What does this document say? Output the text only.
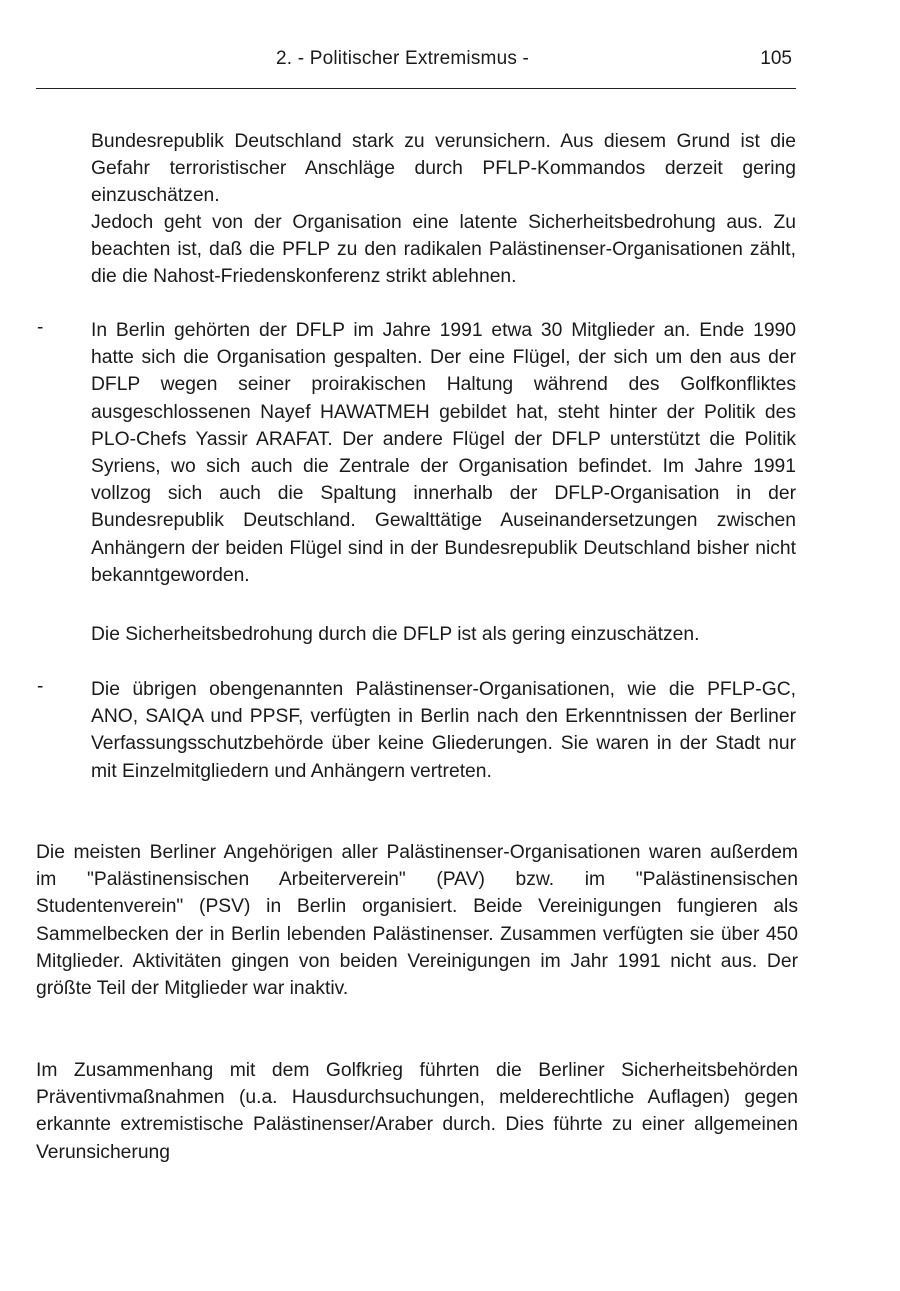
2. - Politischer Extremismus -	105

Bundesrepublik Deutschland stark zu verunsichern. Aus diesem Grund ist die Gefahr terroristischer Anschläge durch PFLP-Kommandos derzeit gering einzuschätzen.

Jedoch geht von der Organisation eine latente Sicherheitsbedrohung aus. Zu beachten ist, daß die PFLP zu den radikalen Palästinenser-Organisationen zählt, die die Nahost-Friedenskonferenz strikt ablehnen.

- In Berlin gehörten der DFLP im Jahre 1991 etwa 30 Mitglieder an. Ende 1990 hatte sich die Organisation gespalten. Der eine Flügel, der sich um den aus der DFLP wegen seiner proirakischen Haltung während des Golfkonfliktes ausgeschlossenen Nayef HAWATMEH gebildet hat, steht hinter der Politik des PLO-Chefs Yassir ARAFAT. Der andere Flügel der DFLP unterstützt die Politik Syriens, wo sich auch die Zentrale der Organisation befindet. Im Jahre 1991 vollzog sich auch die Spaltung innerhalb der DFLP-Organisation in der Bundesrepublik Deutschland. Gewalttätige Auseinandersetzungen zwischen Anhängern der beiden Flügel sind in der Bundesrepublik Deutschland bisher nicht bekanntgeworden.

Die Sicherheitsbedrohung durch die DFLP ist als gering einzuschätzen.

- Die übrigen obengenannten Palästinenser-Organisationen, wie die PFLP-GC, ANO, SAIQA und PPSF, verfügten in Berlin nach den Erkenntnissen der Berliner Verfassungsschutzbehörde über keine Gliederungen. Sie waren in der Stadt nur mit Einzelmitgliedern und Anhängern vertreten.

Die meisten Berliner Angehörigen aller Palästinenser-Organisationen waren außerdem im "Palästinensischen Arbeiterverein" (PAV) bzw. im "Palästinensischen Studentenverein" (PSV) in Berlin organisiert. Beide Vereinigungen fungieren als Sammelbecken der in Berlin lebenden Palästinenser. Zusammen verfügten sie über 450 Mitglieder. Aktivitäten gingen von beiden Vereinigungen im Jahr 1991 nicht aus. Der größte Teil der Mitglieder war inaktiv.

Im Zusammenhang mit dem Golfkrieg führten die Berliner Sicherheitsbehörden Präventivmaßnahmen (u.a. Hausdurchsuchungen, melderechtliche Auflagen) gegen erkannte extremistische Palästinenser/Araber durch. Dies führte zu einer allgemeinen Verunsicherung
